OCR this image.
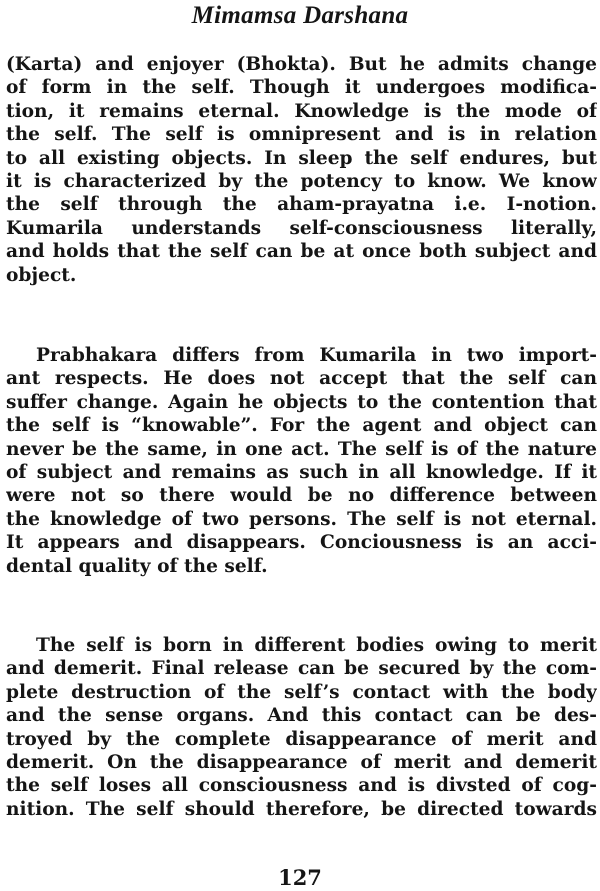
Mimamsa Darshana
(Karta) and enjoyer (Bhokta). But he admits change
of form in the self. Though it undergoes modifica-
tion, it remains eternal. Knowledge is the mode of
the self. The self is omnipresent and is in relation
to all existing objects. In sleep the self endures, but
it is characterized by the potency to know. We know
the self through the aham-prayatna i.e. I-notion.
Kumarila understands self-consciousness literally,
and holds that the self can be at once both subject and
object.
Prabhakara differs from Kumarila in two import-
ant respects. He does not accept that the self can
suffer change. Again he objects to the contention that
the self is “knowable”. For the agent and object can
never be the same, in one act. The self is of the nature
of subject and remains as such in all knowledge. If it
were not so there would be no difference between
the knowledge of two persons. The self is not eternal.
It appears and disappears. Conciousness is an acci-
dental quality of the self.
The self is born in different bodies owing to merit
and demerit. Final release can be secured by the com-
plete destruction of the self’s contact with the body
and the sense organs. And this contact can be des-
troyed by the complete disappearance of merit and
demerit. On the disappearance of merit and demerit
the self loses all consciousness and is divsted of cog-
nition. The self should therefore, be directed towards
127
